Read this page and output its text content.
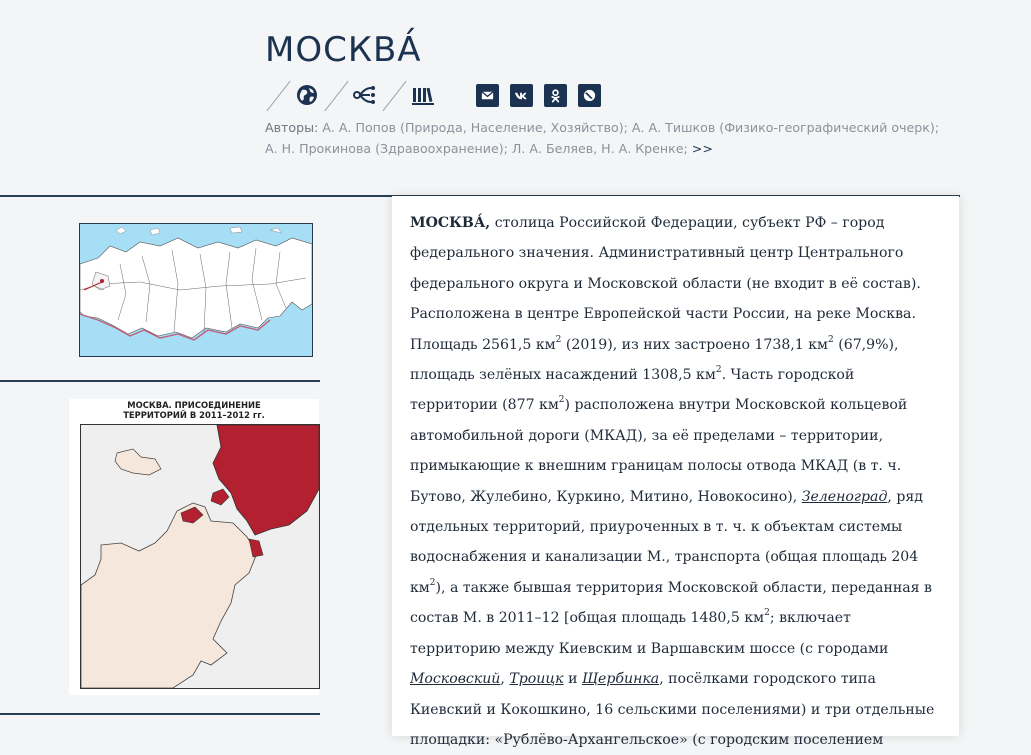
МОСКВА́
Авторы: А. А. Попов (Природа, Население, Хозяйство); А. А. Тишков (Физико-географический очерк);
А. Н. Прокинова (Здравоохранение); Л. А. Беляев, Н. А. Кренке; >>
МОСКВА. ПРИСОЕДИНЕНИЕ
ТЕРРИТОРИЙ В 2011–2012 гг.

МОСКВА́, столица Российской Федерации, субъект РФ – город федерального значения. Административный центр Центрального федерального округа и Московской области (не входит в её состав). Расположена в центре Европейской части России, на реке Москва. Площадь 2561,5 $км^2$ (2019), из них застроено 1738,1 $км^2$ (67,9%), площадь зелёных насаждений 1308,5 $км^2$. Часть городской территории (877 $км^2$) расположена внутри Московской кольцевой автомобильной дороги (МКАД), за её пределами – территории, примыкающие к внешним границам полосы отвода МКАД (в т. ч. Бутово, Жулебино, Куркино, Митино, Новокосино), Зеленоград, ряд отдельных территорий, приуроченных в т. ч. к объектам системы водоснабжения и канализации М., транспорта (общая площадь 204 $км^2$), а также бывшая территория Московской области, переданная в состав М. в 2011–12 [общая площадь 1480,5 $км^2$; включает территорию между Киевским и Варшавским шоссе (с городами Московский, Троицк и Щербинка, посёлками городского типа Киевский и Кокошкино, 16 сельскими поселениями) и три отдельные площадки: «Рублёво-Архангельское» (с городским поселением
